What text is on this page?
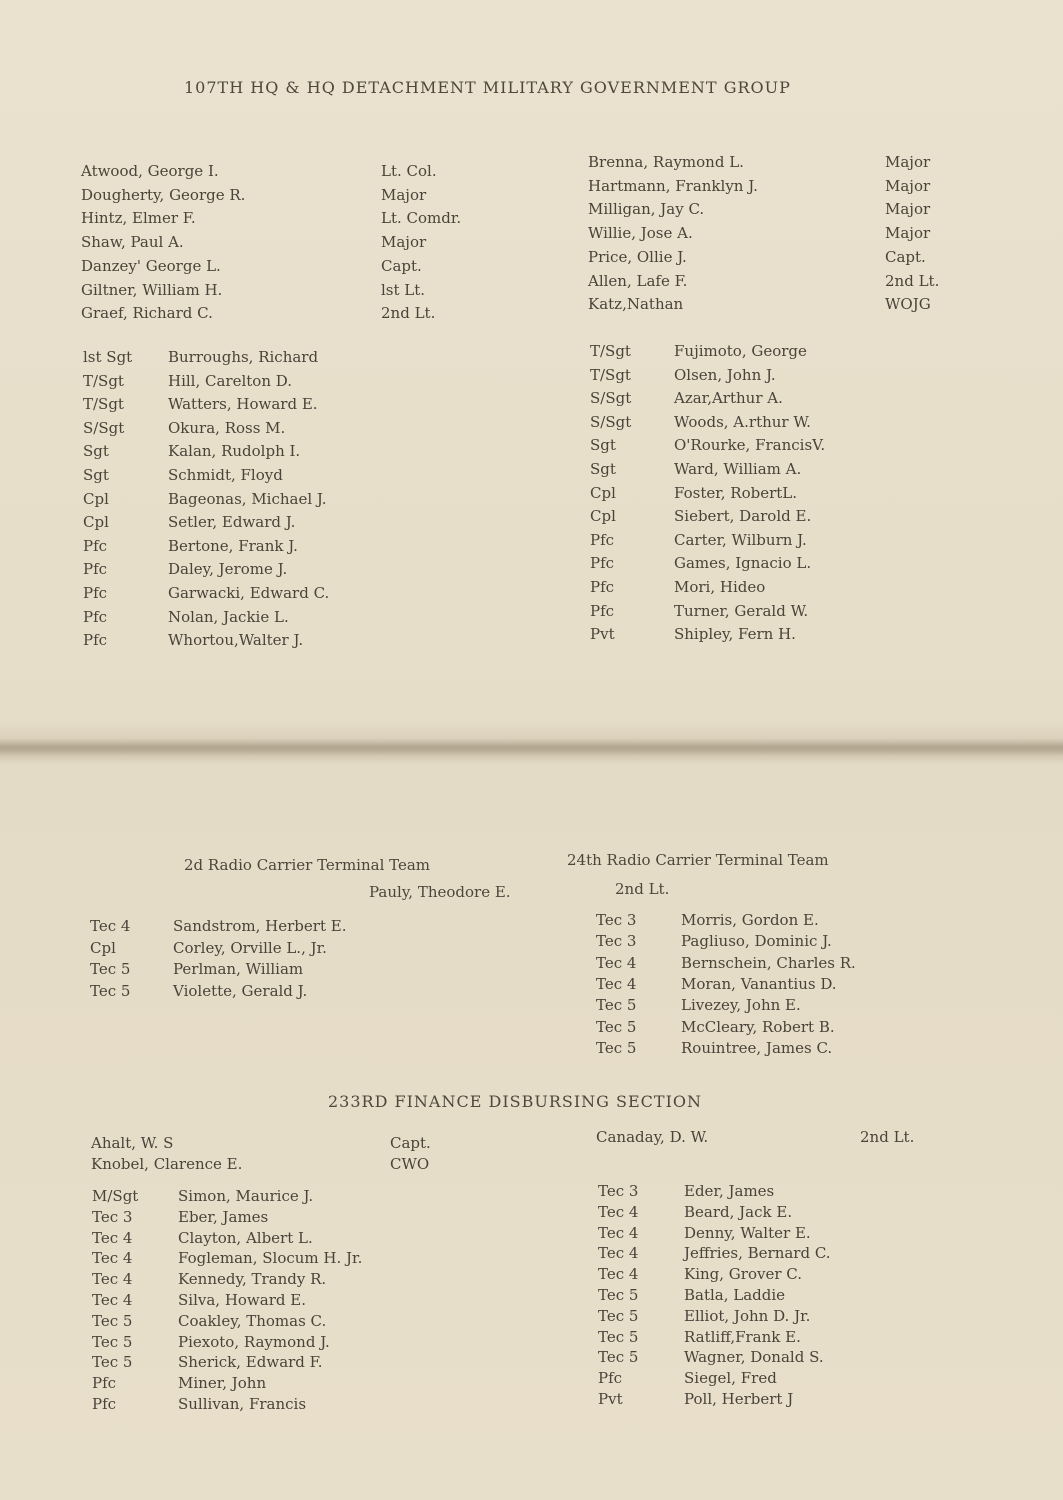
107TH HQ & HQ DETACHMENT MILITARY GOVERNMENT GROUP
2d Radio Carrier Terminal Team
Pauly, Theodore E.
24th Radio Carrier Terminal Team
2nd Lt.
233RD FINANCE DISBURSING SECTION
Atwood, George I.	Lt. Col.
Dougherty, George R.	Major
Hintz, Elmer F.	Lt. Comdr.
Shaw, Paul A.	Major
Danzey' George L.	Capt.
Giltner, William H.	lst Lt.
Graef, Richard C.	2nd Lt.
Brenna, Raymond L.	Major
Hartmann, Franklyn J.	Major
Milligan, Jay C.	Major
Willie, Jose A.	Major
Price, Ollie J.	Capt.
Allen, Lafe F.	2nd Lt.
Katz,Nathan	WOJG
lst Sgt Burroughs, Richard
T/Sgt	Hill, Carelton D.
T/Sgt	Watters, Howard E.
S/Sgt	Okura, Ross M.
Sgt	Kalan, Rudolph I.
Sgt	Schmidt, Floyd
Cpl	Bageonas, Michael J.
Cpl	Setler, Edward J.
Pfc	Bertone, Frank J.
Pfc	Daley, Jerome J.
Pfc	Garwacki, Edward C.
Pfc	Nolan, Jackie L.
Pfc	Whortou,Walter J.
T/Sgt	Fujimoto, George
T/Sgt	Olsen, John J.
S/Sgt	Azar,Arthur A.
S/Sgt	Woods, A.rthur W.
Sgt	O'Rourke, FrancisV.
Sgt	Ward, William A.
Cpl	Foster, RobertL.
Cpl	Siebert, Darold E.
Pfc	Carter, Wilburn J.
Pfc	Games, Ignacio L.
Pfc	Mori, Hideo
Pfc	Turner, Gerald W.
Pvt	Shipley, Fern H.
Tec 4	Sandstrom, Herbert E.
Cpl	Corley, Orville L., Jr.
Tec 5	Perlman, William
Tec 5	Violette, Gerald J.
Tec 3	Morris, Gordon E.
Tec 3	Pagliuso, Dominic J.
Tec 4	Bernschein, Charles R.
Tec 4	Moran, Vanantius D.
Tec 5	Livezey, John E.
Tec 5	McCleary, Robert B.
Tec 5	Rouintree, James C.
Ahalt, W. S	Capt.
Knobel, Clarence E.	CWO
Canaday, D. W.	2nd Lt.
M/Sgt	Simon, Maurice J.
Tec 3	Eber, James
Tec 4	Clayton, Albert L.
Tec 4	Fogleman, Slocum H. Jr.
Tec 4	Kennedy, Trandy R.
Tec 4	Silva, Howard E.
Tec 5	Coakley, Thomas C.
Tec 5	Piexoto, Raymond J.
Tec 5	Sherick, Edward F.
Pfc	Miner, John
Pfc	Sullivan, Francis
Tec 3	Eder, James
Tec 4	Beard, Jack E.
Tec 4	Denny, Walter E.
Tec 4	Jeffries, Bernard C.
Tec 4	King, Grover C.
Tec 5	Batla, Laddie
Tec 5	Elliot, John D. Jr.
Tec 5	Ratliff,Frank E.
Tec 5	Wagner, Donald S.
Pfc	Siegel, Fred
Pvt	Poll, Herbert J
